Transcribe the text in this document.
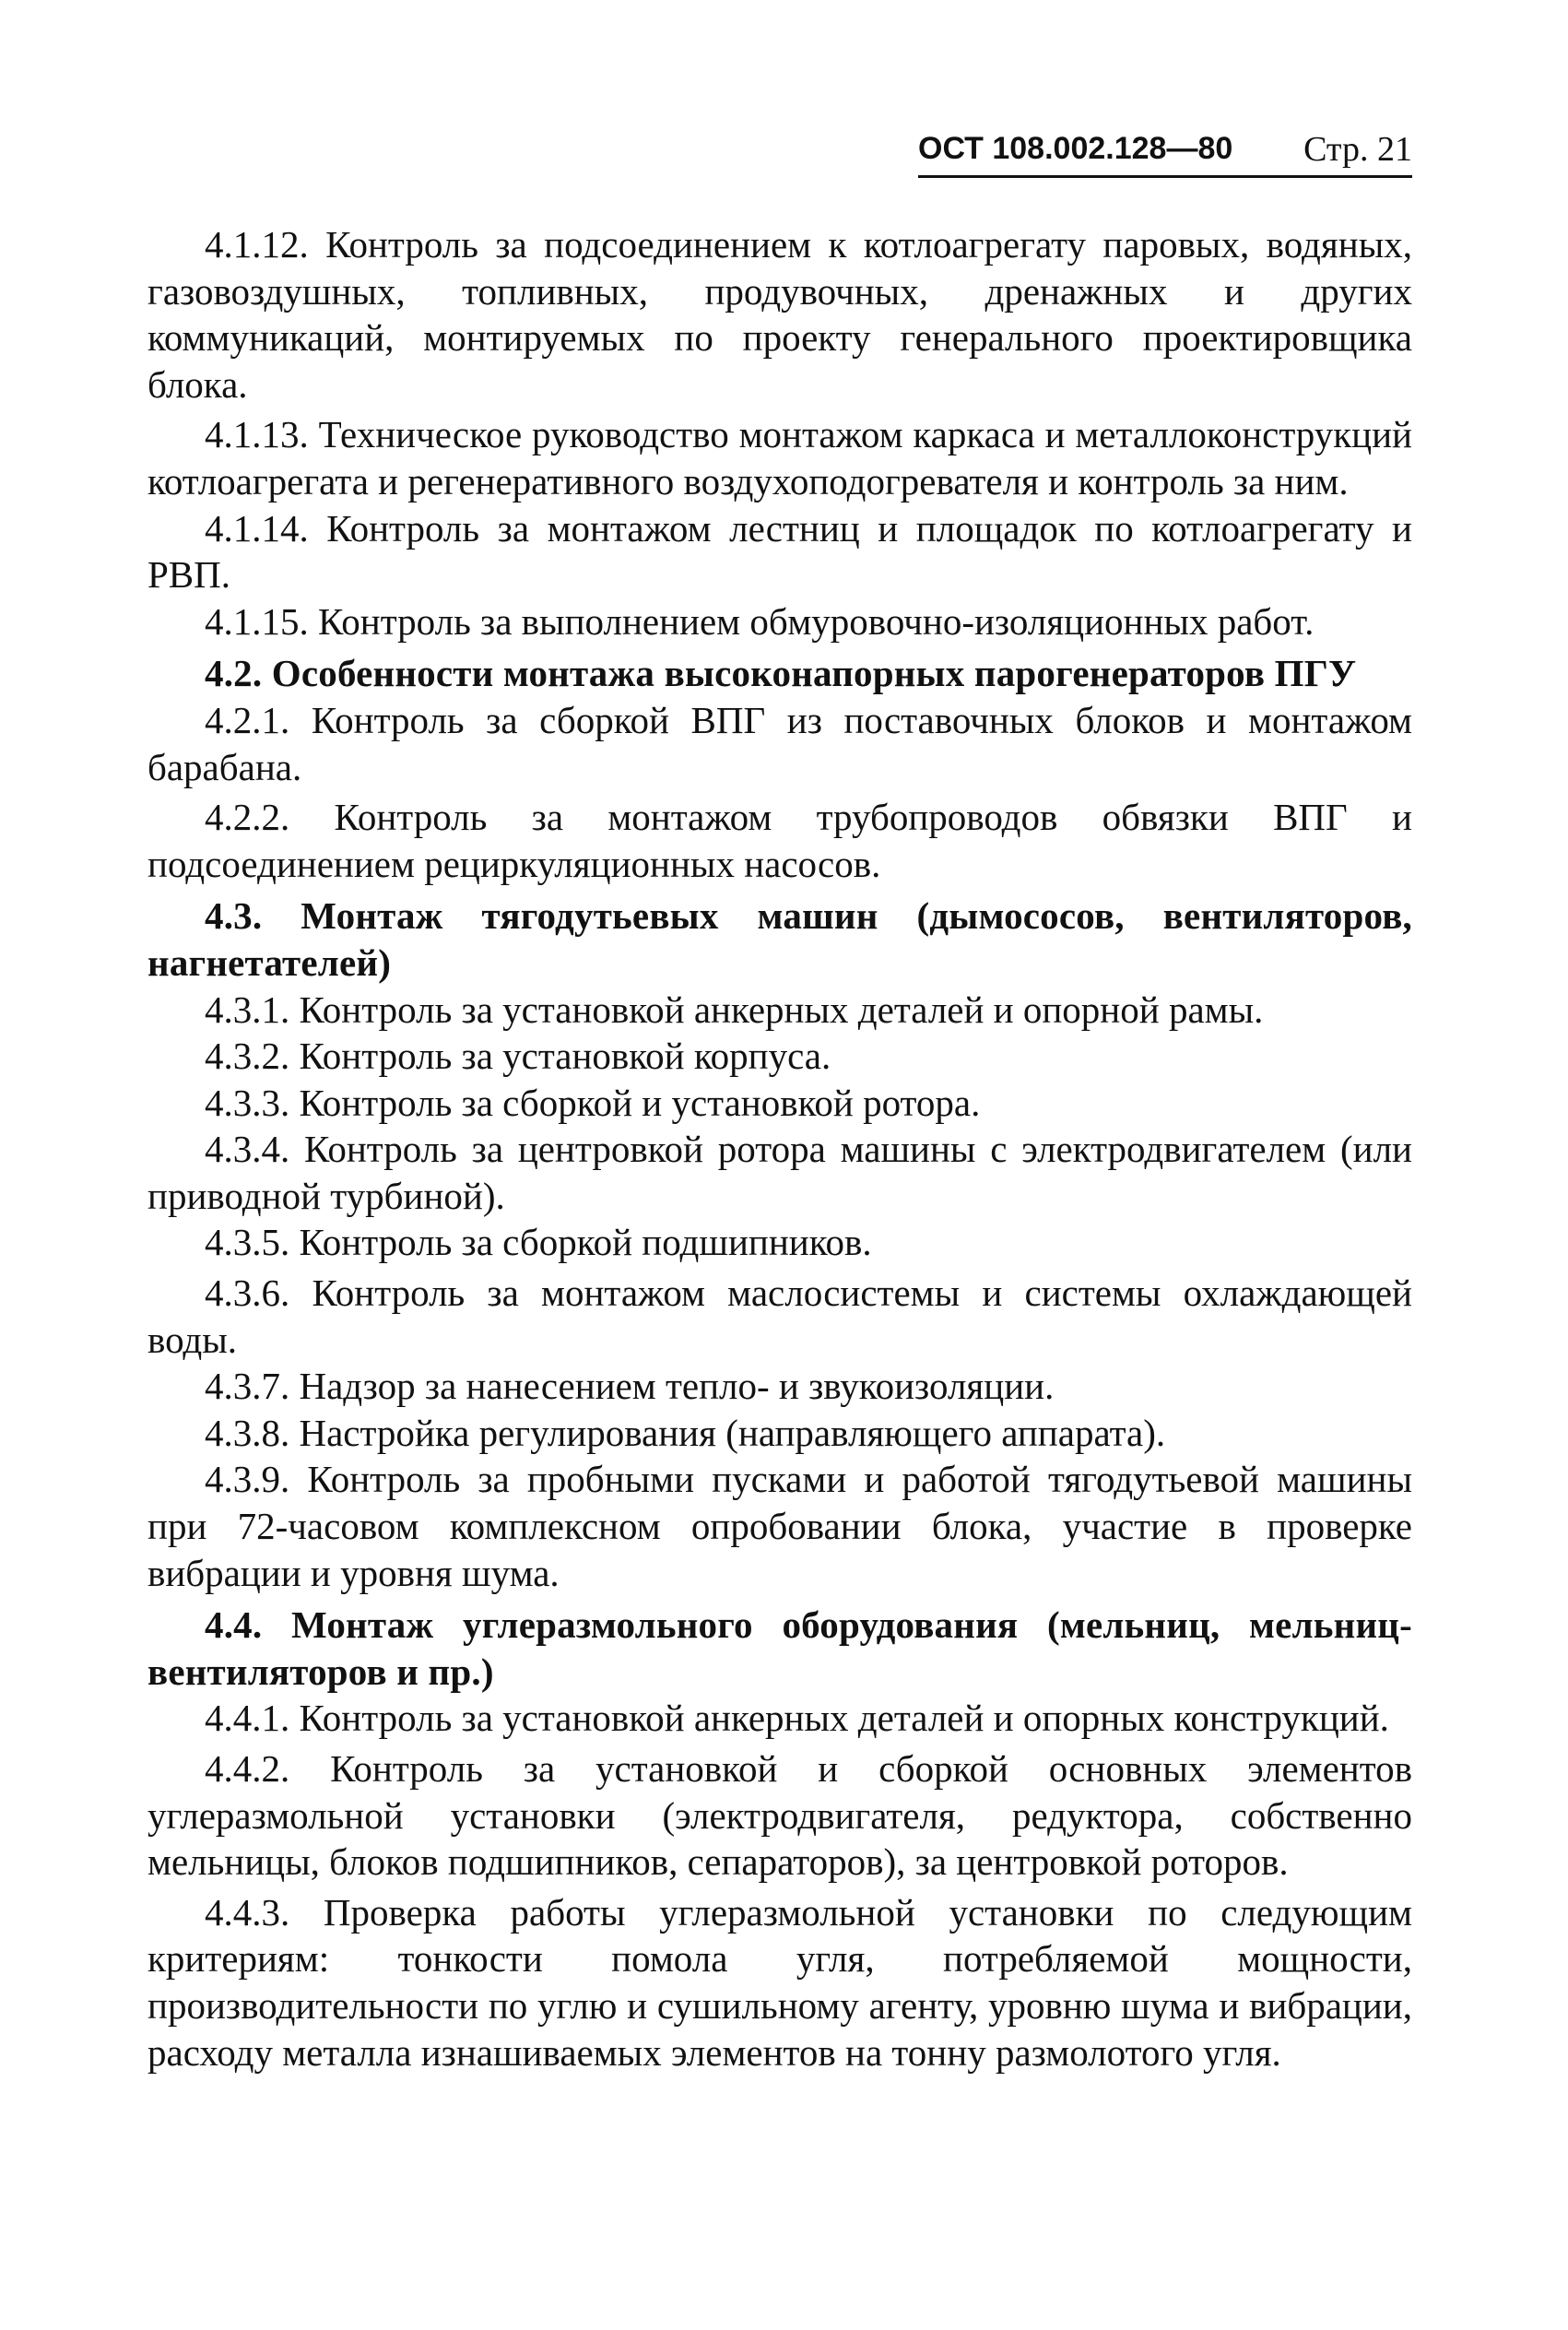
ОСТ 108.002.128—80 Стр. 21

4.1.12. Контроль за подсоединением к котлоагрегату паровых, водяных, газовоздушных, топливных, продувочных, дренажных и других коммуникаций, монтируемых по проекту генерального проектировщика блока.

4.1.13. Техническое руководство монтажом каркаса и металлоконструкций котлоагрегата и регенеративного воздухоподогревателя и контроль за ним.

4.1.14. Контроль за монтажом лестниц и площадок по котлоагрегату и РВП.

4.1.15. Контроль за выполнением обмуровочно-изоляционных работ.

4.2. Особенности монтажа высоконапорных парогенераторов ПГУ

4.2.1. Контроль за сборкой ВПГ из поставочных блоков и монтажом барабана.

4.2.2. Контроль за монтажом трубопроводов обвязки ВПГ и подсоединением рециркуляционных насосов.

4.3. Монтаж тягодутьевых машин (дымососов, вентиляторов, нагнетателей)

4.3.1. Контроль за установкой анкерных деталей и опорной рамы.

4.3.2. Контроль за установкой корпуса.

4.3.3. Контроль за сборкой и установкой ротора.

4.3.4. Контроль за центровкой ротора машины с электродвигателем (или приводной турбиной).

4.3.5. Контроль за сборкой подшипников.

4.3.6. Контроль за монтажом маслосистемы и системы охлаждающей воды.

4.3.7. Надзор за нанесением тепло- и звукоизоляции.

4.3.8. Настройка регулирования (направляющего аппарата).

4.3.9. Контроль за пробными пусками и работой тягодутьевой машины при 72-часовом комплексном опробовании блока, участие в проверке вибрации и уровня шума.

4.4. Монтаж углеразмольного оборудования (мельниц, мельниц-вентиляторов и пр.)

4.4.1. Контроль за установкой анкерных деталей и опорных конструкций.

4.4.2. Контроль за установкой и сборкой основных элементов углеразмольной установки (электродвигателя, редуктора, собственно мельницы, блоков подшипников, сепараторов), за центровкой роторов.

4.4.3. Проверка работы углеразмольной установки по следующим критериям: тонкости помола угля, потребляемой мощности, производительности по углю и сушильному агенту, уровню шума и вибрации, расходу металла изнашиваемых элементов на тонну размолотого угля.
